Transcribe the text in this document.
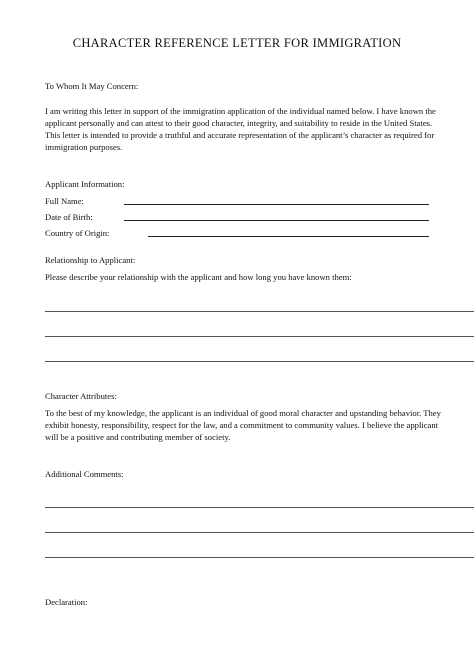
CHARACTER REFERENCE LETTER FOR IMMIGRATION
To Whom It May Concern:
I am writing this letter in support of the immigration application of the individual named below. I have known the applicant personally and can attest to their good character, integrity, and suitability to reside in the United States. This letter is intended to provide a truthful and accurate representation of the applicant’s character as required for immigration purposes.
Applicant Information:
Full Name:
Date of Birth:
Country of Origin:
Relationship to Applicant:
Please describe your relationship with the applicant and how long you have known them:
Character Attributes:
To the best of my knowledge, the applicant is an individual of good moral character and upstanding behavior. They exhibit honesty, responsibility, respect for the law, and a commitment to community values. I believe the applicant will be a positive and contributing member of society.
Additional Comments:
Declaration:
